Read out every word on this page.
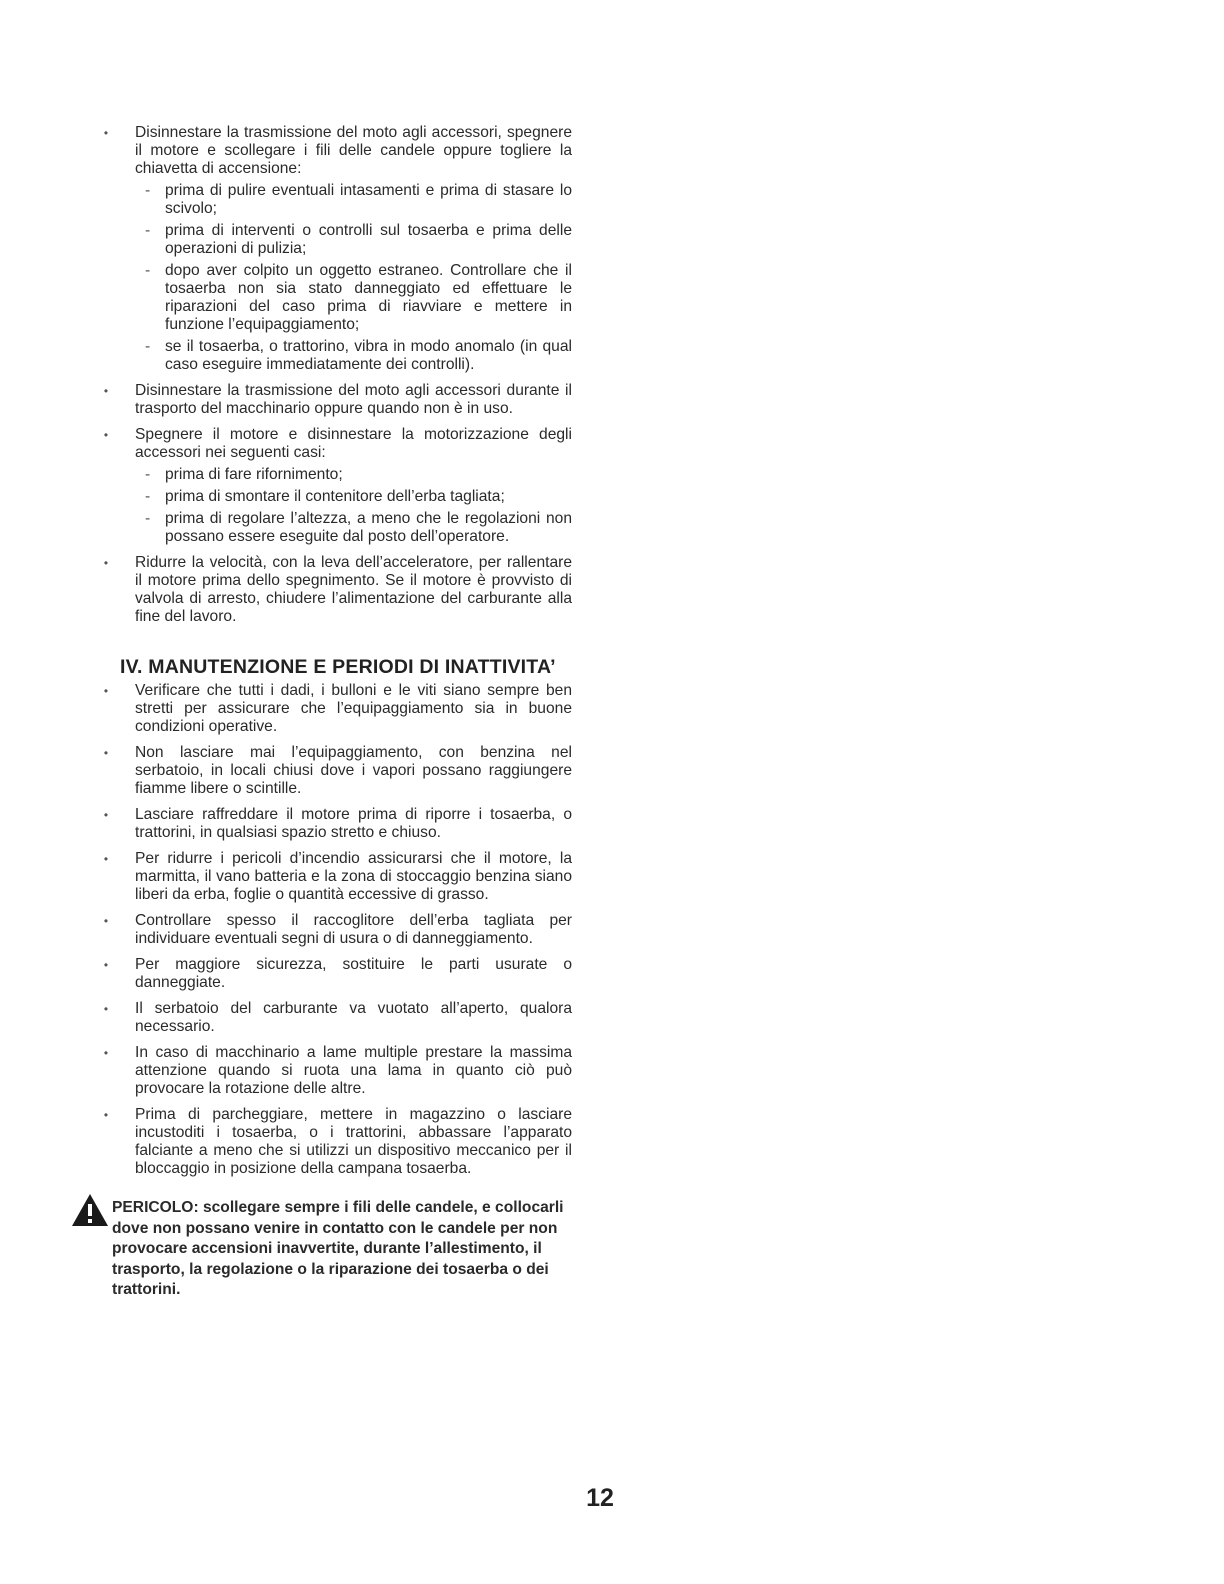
• Disinnestare la trasmissione del moto agli accessori, spegnere il motore e scollegare i fili delle candele oppure togliere la chiavetta di accensione:
- prima di pulire eventuali intasamenti e prima di stasare lo scivolo;
- prima di interventi o controlli sul tosaerba e prima delle operazioni di pulizia;
- dopo aver colpito un oggetto estraneo. Controllare che il tosaerba non sia stato danneggiato ed effettuare le riparazioni del caso prima di riavviare e mettere in funzione l’equipaggiamento;
- se il tosaerba, o trattorino, vibra in modo anomalo (in qual caso eseguire immediatamente dei controlli).
• Disinnestare la trasmissione del moto agli accessori durante il trasporto del macchinario oppure quando non è in uso.
• Spegnere il motore e disinnestare la motorizzazione degli accessori nei seguenti casi:
- prima di fare rifornimento;
- prima di smontare il contenitore dell’erba tagliata;
- prima di regolare l’altezza, a meno che le regolazioni non possano essere eseguite dal posto dell’operatore.
• Ridurre la velocità, con la leva dell’acceleratore, per rallentare il motore prima dello spegnimento. Se il motore è provvisto di valvola di arresto, chiudere l’alimentazione del carburante alla fine del lavoro.
IV. MANUTENZIONE E PERIODI DI INATTIVITA’
• Verificare che tutti i dadi, i bulloni e le viti siano sempre ben stretti per assicurare che l’equipaggiamento sia in buone condizioni operative.
• Non lasciare mai l’equipaggiamento, con benzina nel serbatoio, in locali chiusi dove i vapori possano raggiungere fiamme libere o scintille.
• Lasciare raffreddare il motore prima di riporre i tosaerba, o trattorini, in qualsiasi spazio stretto e chiuso.
• Per ridurre i pericoli d’incendio assicurarsi che il motore, la marmitta, il vano batteria e la zona di stoccaggio benzina siano liberi da erba, foglie o quantità eccessive di grasso.
• Controllare spesso il raccoglitore dell’erba tagliata per individuare eventuali segni di usura o di danneggiamento.
• Per maggiore sicurezza, sostituire le parti usurate o danneggiate.
• Il serbatoio del carburante va vuotato all’aperto, qualora necessario.
• In caso di macchinario a lame multiple prestare la massima attenzione quando si ruota una lama in quanto ciò può provocare la rotazione delle altre.
• Prima di parcheggiare, mettere in magazzino o lasciare incustoditi i tosaerba, o i trattorini, abbassare l’apparato falciante a meno che si utilizzi un dispositivo meccanico per il bloccaggio in posizione della campana tosaerba.
PERICOLO: scollegare sempre i fili delle candele, e collocarli dove non possano venire in contatto con le candele per non provocare accensioni inavvertite, durante l’allestimento, il trasporto, la regolazione o la riparazione dei tosaerba o dei trattorini.
12
